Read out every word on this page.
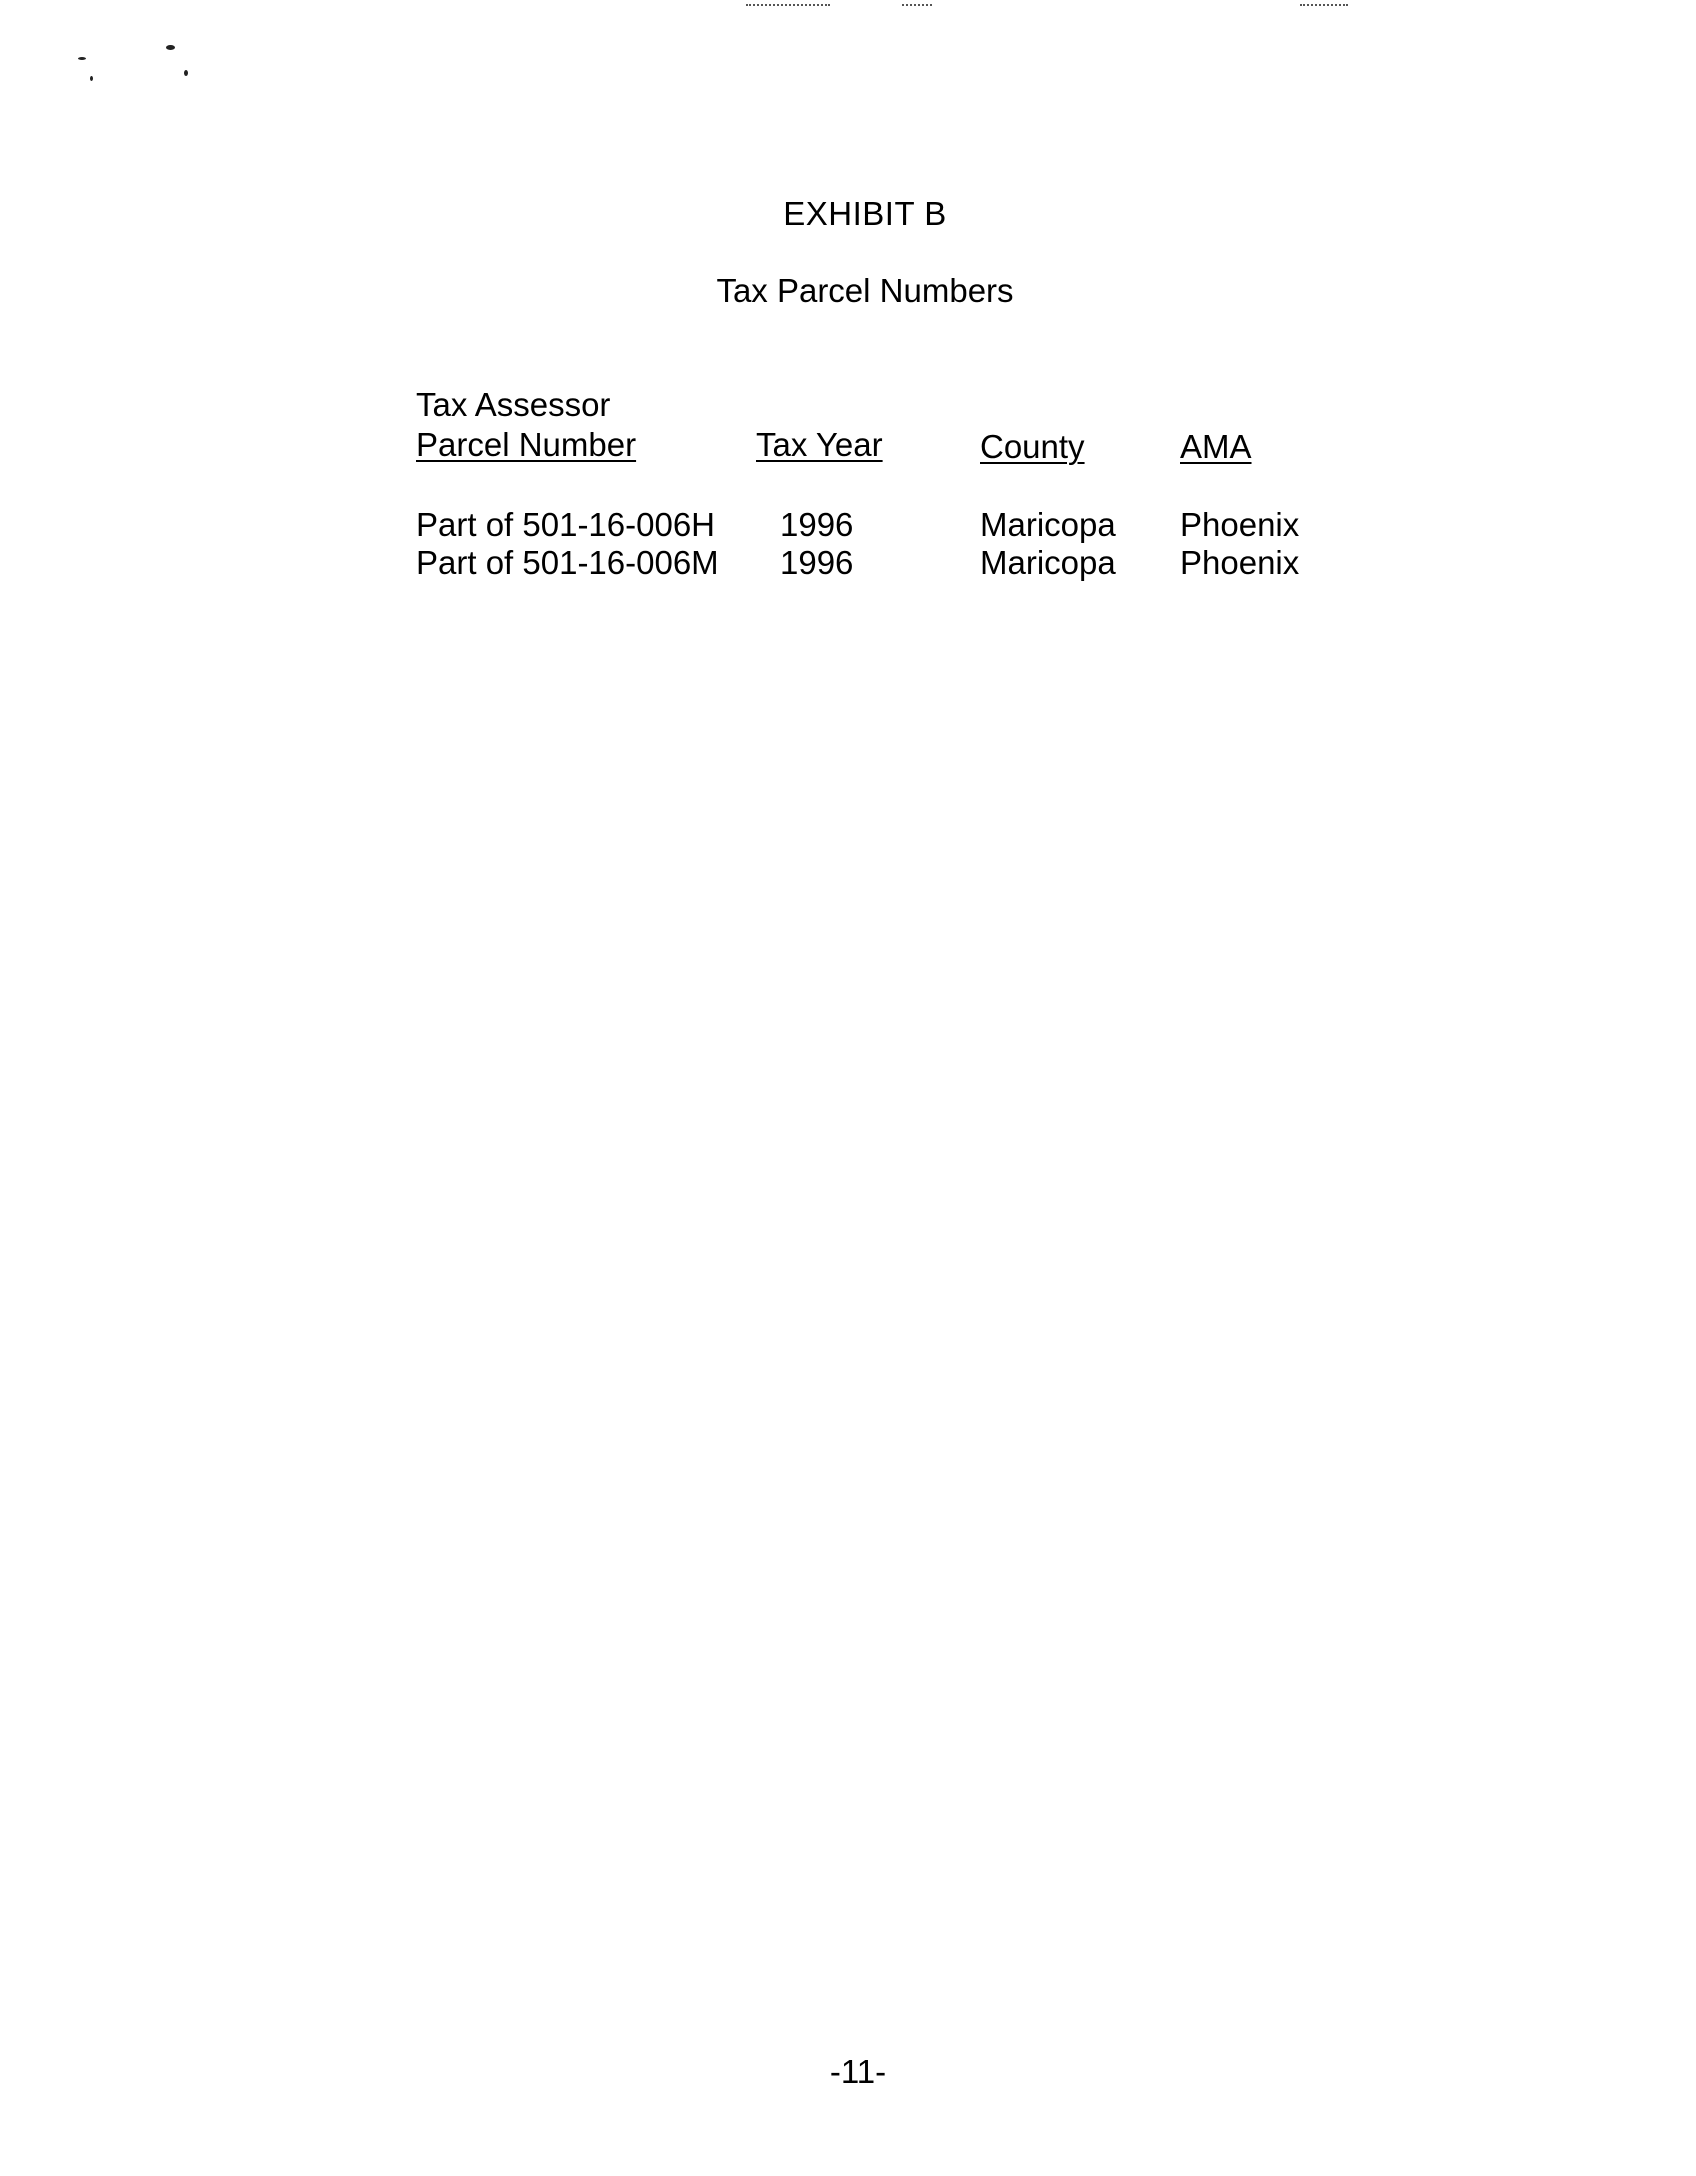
EXHIBIT B
Tax Parcel Numbers
Tax Assessor
Parcel Number	Tax Year	County	AMA
Part of 501-16-006H 1996	Maricopa Phoenix
Part of 501-16-006M 1996	Maricopa Phoenix
-11-
